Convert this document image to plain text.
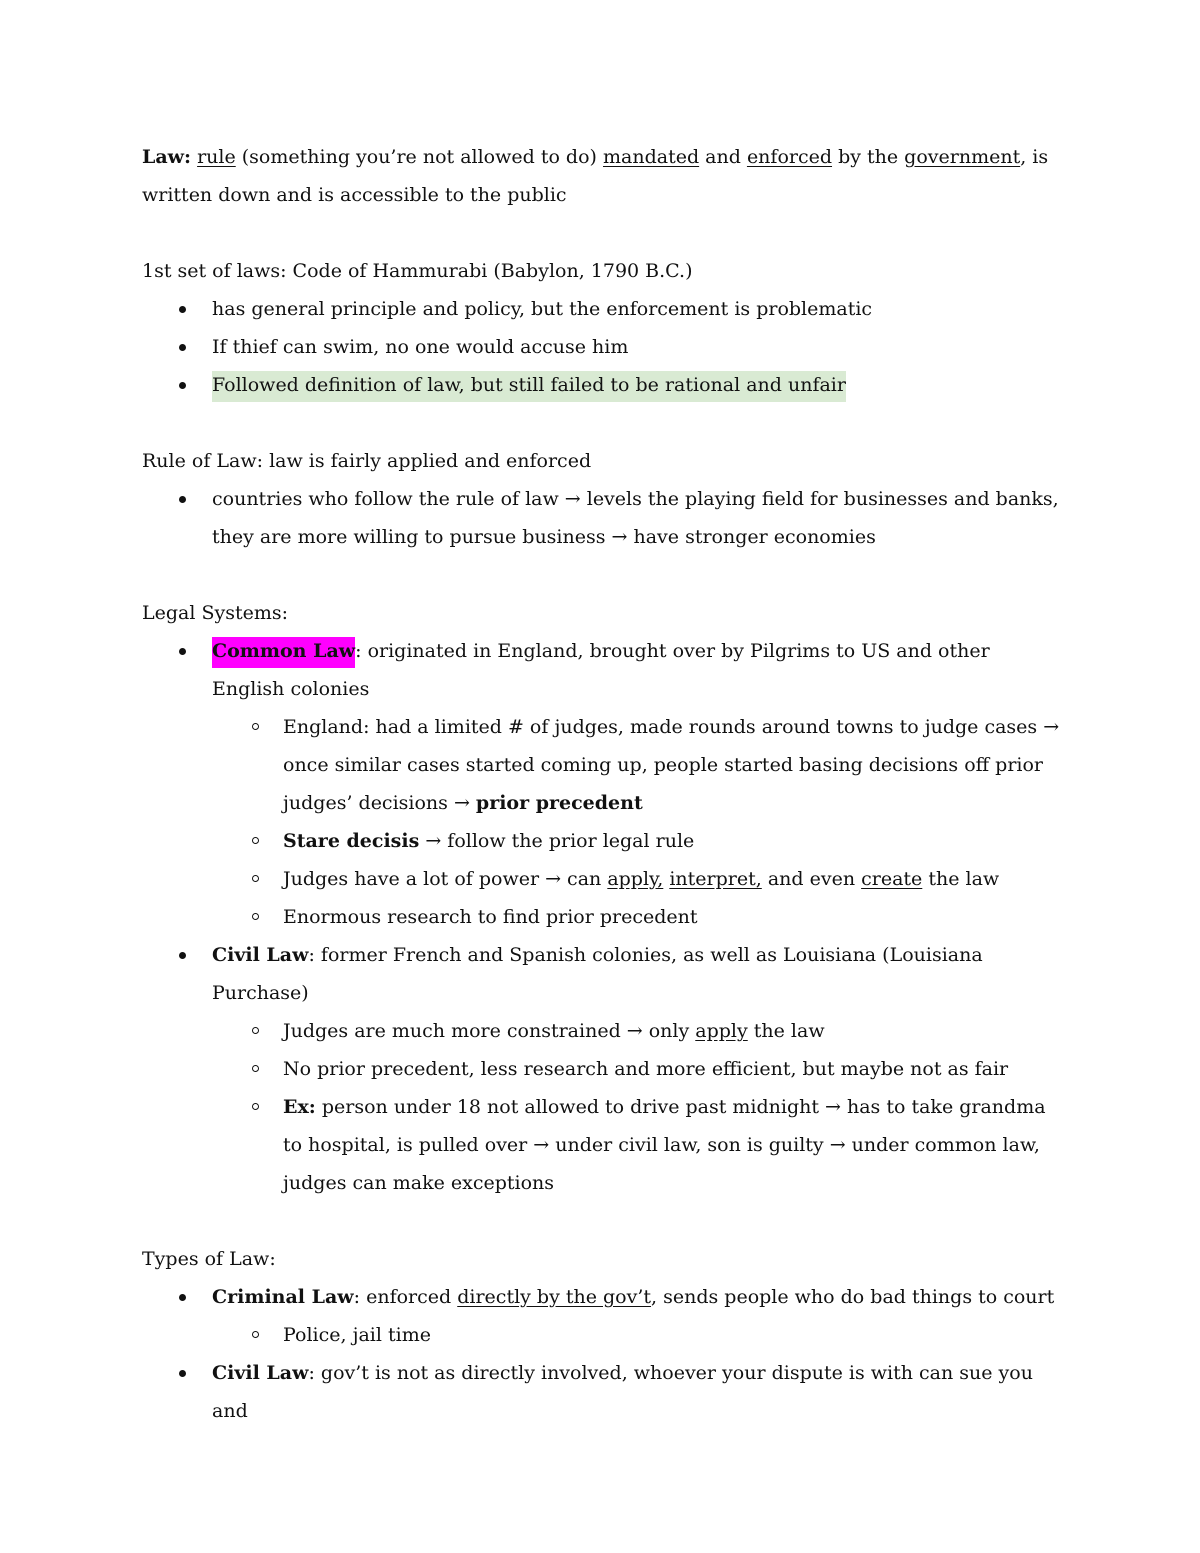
Law: rule (something you’re not allowed to do) mandated and enforced by the government, is written down and is accessible to the public

1st set of laws: Code of Hammurabi (Babylon, 1790 B.C.)

has general principle and policy, but the enforcement is problematic
If thief can swim, no one would accuse him
Followed definition of law, but still failed to be rational and unfair

Rule of Law: law is fairly applied and enforced

countries who follow the rule of law → levels the playing field for businesses and banks, they are more willing to pursue business → have stronger economies

Legal Systems:

Common Law: originated in England, brought over by Pilgrims to US and other English colonies
England: had a limited # of judges, made rounds around towns to judge cases → once similar cases started coming up, people started basing decisions off prior judges’ decisions → prior precedent
Stare decisis → follow the prior legal rule
Judges have a lot of power → can apply, interpret, and even create the law
Enormous research to find prior precedent
Civil Law: former French and Spanish colonies, as well as Louisiana (Louisiana Purchase)
Judges are much more constrained → only apply the law
No prior precedent, less research and more efficient, but maybe not as fair
Ex: person under 18 not allowed to drive past midnight → has to take grandma to hospital, is pulled over → under civil law, son is guilty → under common law, judges can make exceptions

Types of Law:

Criminal Law: enforced directly by the gov’t, sends people who do bad things to court
Police, jail time
Civil Law: gov’t is not as directly involved, whoever your dispute is with can sue you and
